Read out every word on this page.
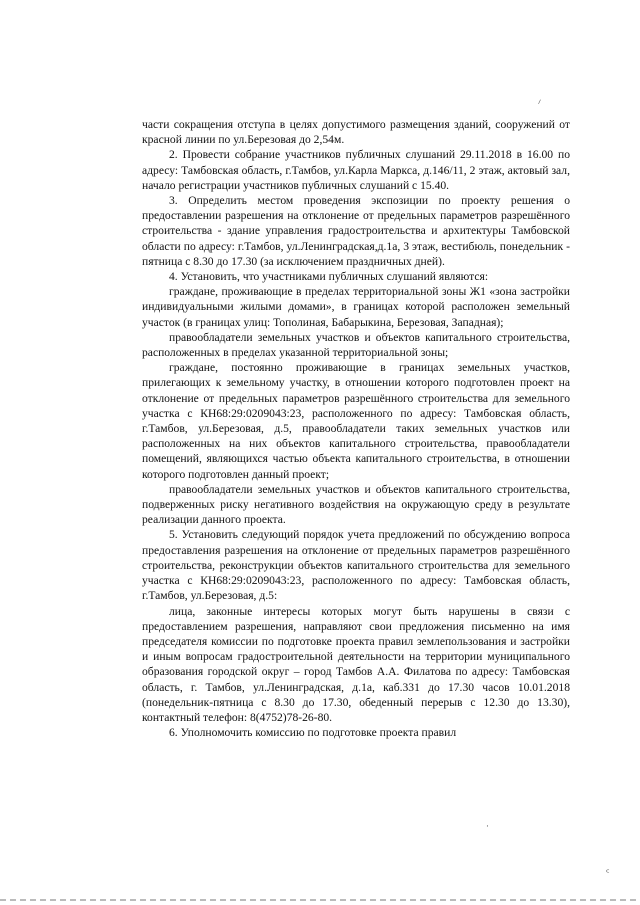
⸝

части сокращения отступа в целях допустимого размещения зданий, сооружений от красной линии по ул.Березовая до 2,54м.

2. Провести собрание участников публичных слушаний 29.11.2018 в 16.00 по адресу: Тамбовская область, г.Тамбов, ул.Карла Маркса, д.146/11, 2 этаж, актовый зал, начало регистрации участников публичных слушаний с 15.40.

3. Определить местом проведения экспозиции по проекту решения о предоставлении разрешения на отклонение от предельных параметров разрешённого строительства - здание управления градостроительства и архитектуры Тамбовской области по адресу: г.Тамбов, ул.Ленинградская,д.1а, 3 этаж, вестибюль, понедельник - пятница с 8.30 до 17.30 (за исключением праздничных дней).

4. Установить, что участниками публичных слушаний являются:

граждане, проживающие в пределах территориальной зоны Ж1 «зона застройки индивидуальными жилыми домами», в границах которой расположен земельный участок (в границах улиц: Тополиная, Бабарыкина, Березовая, Западная);

правообладатели земельных участков и объектов капитального строительства, расположенных в пределах указанной территориальной зоны;

граждане, постоянно проживающие в границах земельных участков, прилегающих к земельному участку, в отношении которого подготовлен проект на отклонение от предельных параметров разрешённого строительства для земельного участка с КН68:29:0209043:23, расположенного по адресу: Тамбовская область, г.Тамбов, ул.Березовая, д.5, правообладатели таких земельных участков или расположенных на них объектов капитального строительства, правообладатели помещений, являющихся частью объекта капитального строительства, в отношении которого подготовлен данный проект;

правообладатели земельных участков и объектов капитального строительства, подверженных риску негативного воздействия на окружающую среду в результате реализации данного проекта.

5. Установить следующий порядок учета предложений по обсуждению вопроса предоставления разрешения на отклонение от предельных параметров разрешённого строительства, реконструкции объектов капитального строительства для земельного участка с КН68:29:0209043:23, расположенного по адресу: Тамбовская область, г.Тамбов, ул.Березовая, д.5:

лица, законные интересы которых могут быть нарушены в связи с предоставлением разрешения, направляют свои предложения письменно на имя председателя комиссии по подготовке проекта правил землепользования и застройки и иным вопросам градостроительной деятельности на территории муниципального образования городской округ – город Тамбов А.А. Филатова по адресу: Тамбовская область, г. Тамбов, ул.Ленинградская, д.1а, каб.331 до 17.30 часов 10.01.2018 (понедельник-пятница с 8.30 до 17.30, обеденный перерыв с 12.30 до 13.30), контактный телефон: 8(4752)78-26-80.

6. Уполномочить комиссию по подготовке проекта правил

·
ᶜ
